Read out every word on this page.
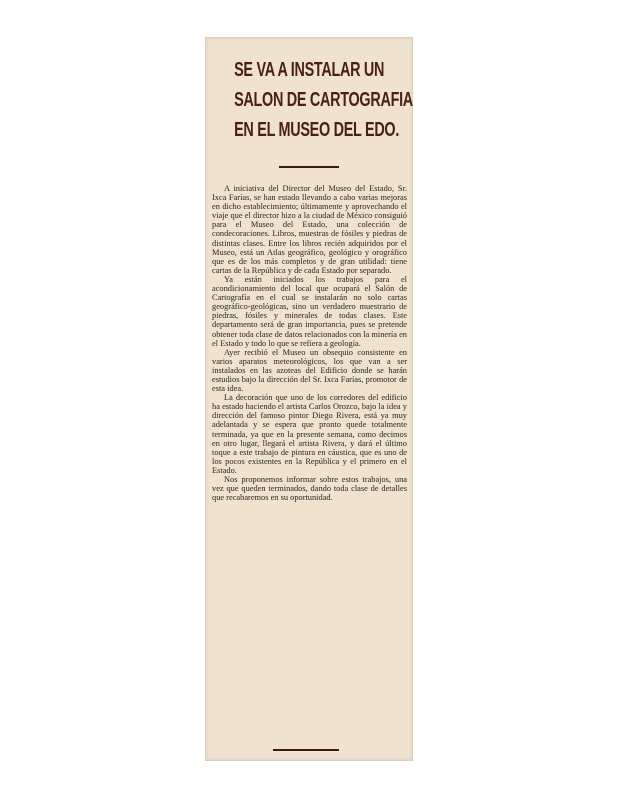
SE VA A INSTALAR UN
SALON DE CARTOGRAFIA
EN EL MUSEO DEL EDO.

A iniciativa del Director del Museo del Estado, Sr. Ixca Farías, se han estado llevando a cabo varias mejoras en dicho establecimiento; últimamente y aprovechando el viaje que el director hizo a la ciudad de México consiguió para el Museo del Estado, una colección de condecoraciones. Libros, muestras de fósiles y piedras de distintas clases. Entre los libros recién adquiridos por el Museo, está un Atlas geográfico, geológico y orográfico que es de los más completos y de gran utilidad: tiene cartas de la República y de cada Estado por separado.

Ya están iniciados los trabajos para el acondicionamiento del local que ocupará el Salón de Cartografía en el cual se instalarán no solo cartas geográfico-geológicas, sino un verdadero muestrario de piedras, fósiles y minerales de todas clases. Este departamento será de gran importancia, pues se pretende obtener toda clase de datos relacionados con la minería en el Estado y todo lo que se refiera a geología.

Ayer recibió el Museo un obsequio consistente en varios aparatos meteorológicos, los que van a ser instalados en las azoteas del Edificio donde se harán estudios bajo la dirección del Sr. Ixca Farías, promotor de esta idea.

La decoración que uno de los corredores del edificio ha estado haciendo el artista Carlos Orozco, bajo la idea y dirección del famoso pintor Diego Rivera, está ya muy adelantada y se espera que pronto quede totalmente terminada, ya que en la presente semana, como decimos en otro lugar, llegará el artista Rivera, y dará el último toque a este trabajo de pintura en cáustica, que es uno de los pocos existentes en la República y el primero en el Estado.

Nos proponemos informar sobre estos trabajos, una vez que queden terminados, dando toda clase de detalles que recabaremos en su oportunidad.
